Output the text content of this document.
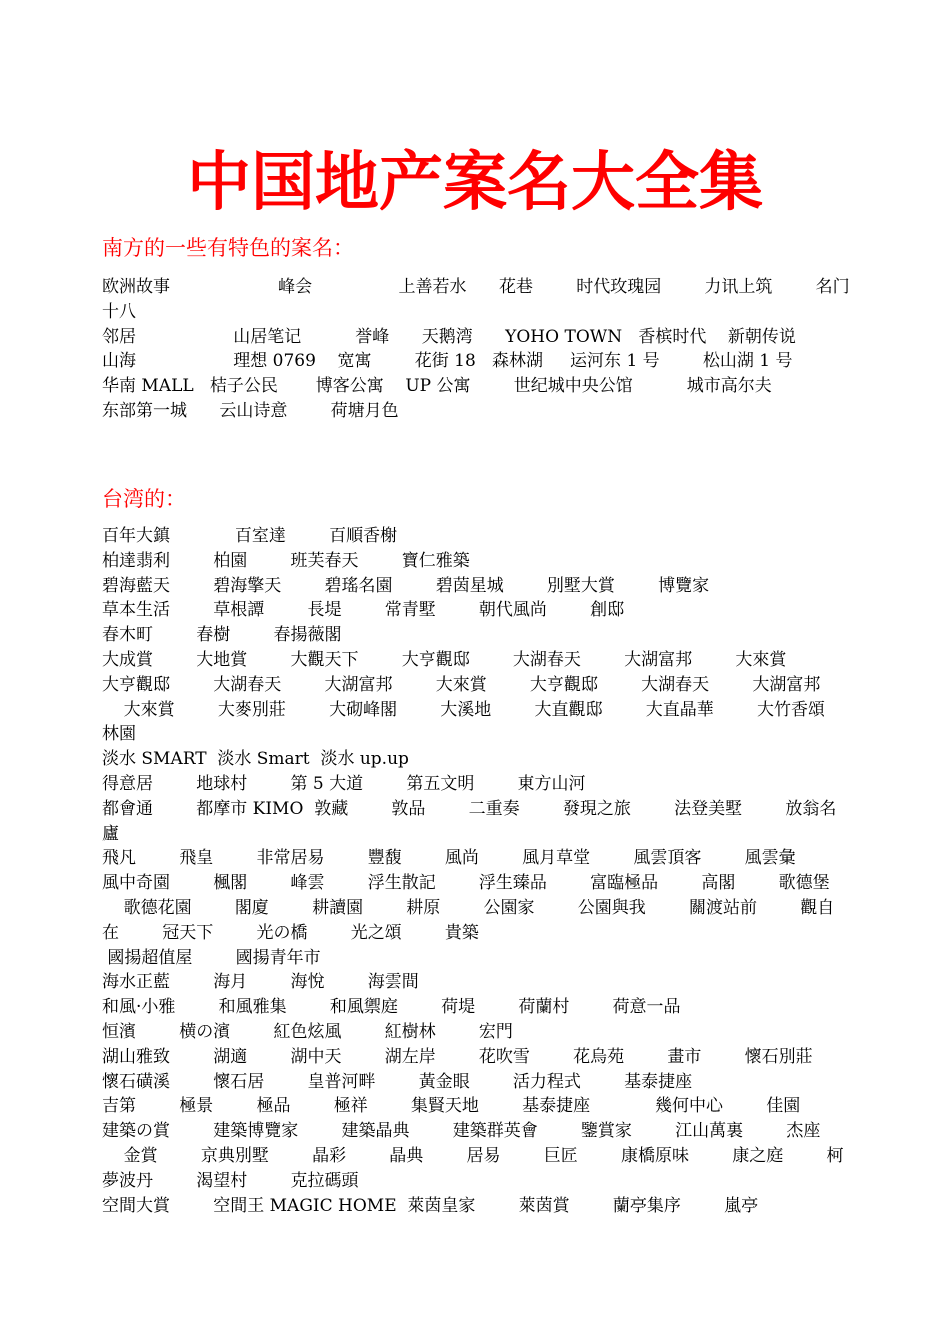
中国地产案名大全集
南方的一些有特色的案名：
欧洲故事                    峰会                上善若水      花巷        时代玫瑰园        力讯上筑        名门
十八
邻居                  山居笔记          誉峰      天鹅湾      YOHO TOWN   香槟时代    新朝传说
山海                  理想 0769    宽寓        花街 18   森林湖     运河东 1 号        松山湖 1 号
华南 MALL   桔子公民       博客公寓    UP 公寓        世纪城中央公馆          城市高尔夫
东部第一城      云山诗意        荷塘月色
台湾的：
百年大鎮            百室達        百順香榭
柏達翡利        柏園        班芙春天        寶仁雅築
碧海藍天        碧海擎天        碧瑤名園        碧茵星城        別墅大賞        博覽家
草本生活        草根譚        長堤        常青墅        朝代風尚        創邸
春木町        春樹        春揚薇閣
大成賞        大地賞        大觀天下        大亨觀邸        大湖春天        大湖富邦        大來賞
大亨觀邸        大湖春天        大湖富邦        大來賞        大亨觀邸        大湖春天        大湖富邦
大來賞        大麥別莊        大砌峰閣        大溪地        大直觀邸        大直晶華        大竹香頌
林園
淡水 SMART  淡水 Smart  淡水 up.up
得意居        地球村        第 5 大道        第五文明        東方山河
都會通        都摩市 KIMO  敦藏        敦品        二重奏        發現之旅        法登美墅        放翁名
廬
飛凡        飛皇        非常居易        豐馥        風尚        風月草堂        風雲頂客        風雲彙
風中奇園        楓閣        峰雲        浮生散記        浮生臻品        富臨極品        高閣        歌德堡
歌德花園        閣廈        耕讀園        耕原        公園家        公園與我        關渡站前        觀自
在        冠天下        光の橋        光之頌        貴築
國揚超值屋        國揚青年市
海水正藍        海月        海悅        海雲間
和風·小雅        和風雅集        和風禦庭        荷堤        荷蘭村        荷意一品
恒濱        横の濱        紅色炫風        紅樹林        宏門
湖山雅致        湖適        湖中天        湖左岸        花吹雪        花烏苑        畫市        懷石別莊
懷石磺溪        懷石居        皇普河畔        黃金眼        活力程式        基泰捷座
吉第        極景        極品        極祥        集賢天地        基泰捷座            幾何中心        佳園
建築の賞        建築博覽家        建築晶典        建築群英會        鑒賞家        江山萬裏        杰座
金賞        京典別墅        晶彩        晶典        居易        巨匠        康橋原味        康之庭        柯
夢波丹        渴望村        克拉碼頭
空間大賞        空間王 MAGIC HOME  萊茵皇家        萊茵賞        蘭亭集序        嵐亭
